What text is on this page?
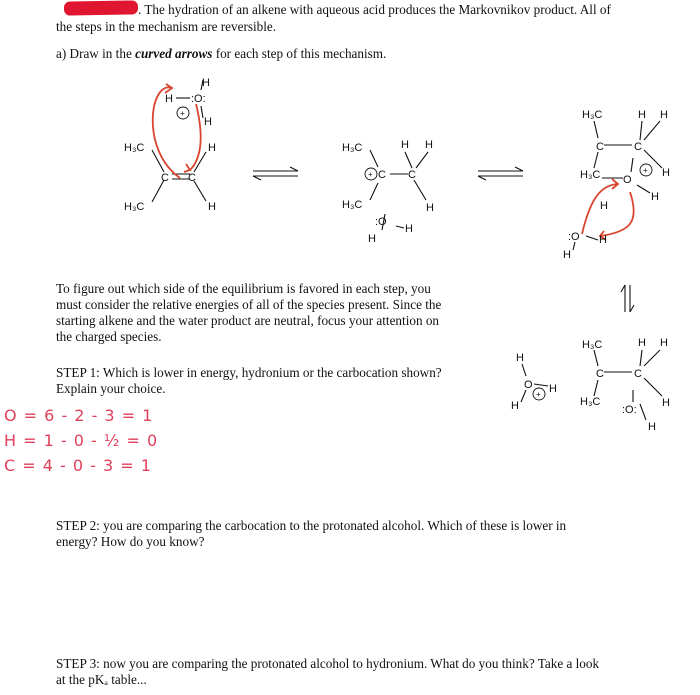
. The hydration of an alkene with aqueous acid produces the Markovnikov product. All of
the steps in the mechanism are reversible.
a) Draw in the curved arrows for each step of this mechanism.
H₃C
H₃C
C C
H
H
H :O:
H
H
+
H₃C
H₃C
C C
+
H H
H
:O
H
H
H₃C
H₃C
C	C
H H
H
O
+
H
H
:O H
H
H
O
+ H
H
H₃C
H₃C
C	C
H H
H
:O:
H
To figure out which side of the equilibrium is favored in each step, you
must consider the relative energies of all of the species present. Since the
starting alkene and the water product are neutral, focus your attention on
the charged species.
STEP 1: Which is lower in energy, hydronium or the carbocation shown?
Explain your choice.
O = 6 - 2 - 3 = 1
H = 1 - 0 - ½ = 0
C = 4 - 0 - 3 = 1
STEP 2: you are comparing the carbocation to the protonated alcohol. Which of these is lower in
energy? How do you know?
STEP 3: now you are comparing the protonated alcohol to hydronium. What do you think? Take a look
at the pKₐ table...
